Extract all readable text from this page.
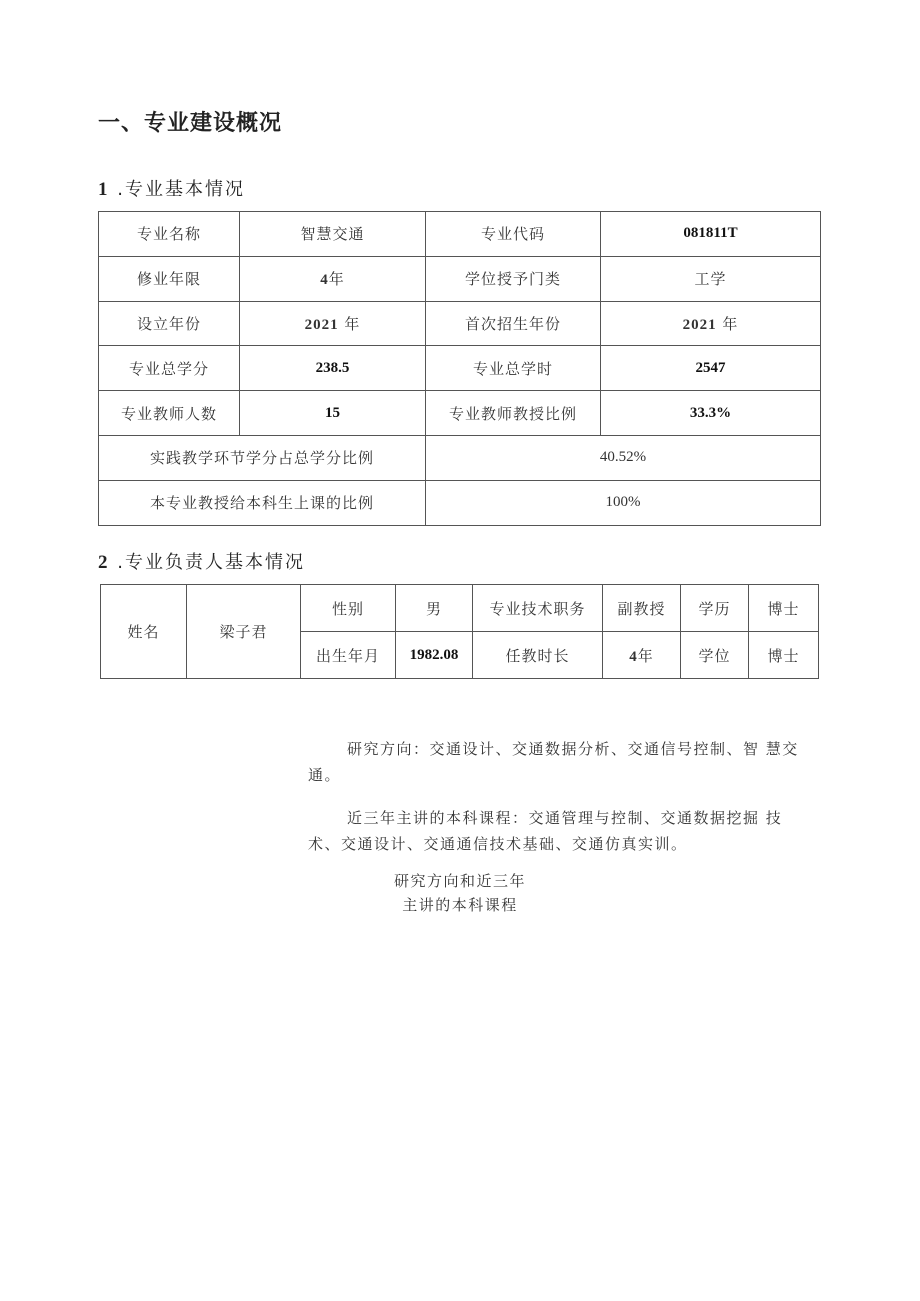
一、专业建设概况
1 .专业基本情况
专业名称	智慧交通	专业代码	081811T
修业年限	4年	学位授予门类	工学
设立年份	2021 年	首次招生年份	2021 年
专业总学分	238.5	专业总学时	2547
专业教师人数	15	专业教师教授比例	33.3%
实践教学环节学分占总学分比例		40.52%	
本专业教授给本科生上课的比例		100%	
2 .专业负责人基本情况
姓名	梁子君	性别	男	专业技术职务	副教授	学历	博士
		出生年月	1982.08	任教时长	4年	学位	博士
研究方向：交通设计、交通数据分析、交通信号控制、智 慧交通。
近三年主讲的本科课程：交通管理与控制、交通数据挖掘 技术、交通设计、交通通信技术基础、交通仿真实训。
研究方向和近三年
主讲的本科课程
